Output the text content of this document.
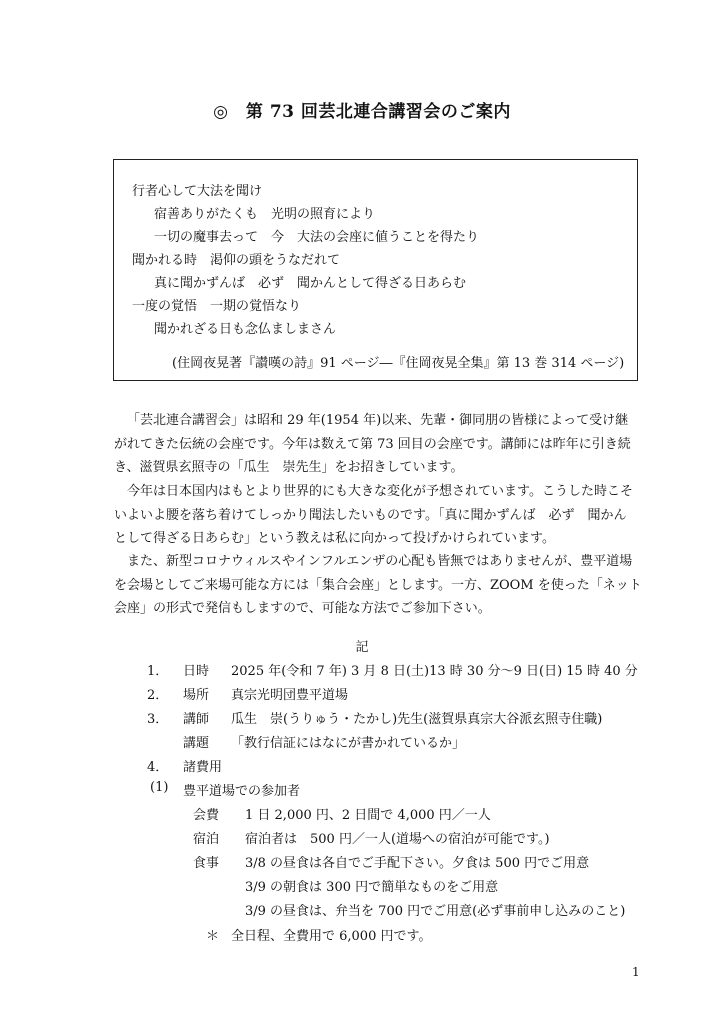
◎　第 73 回芸北連合講習会のご案内
行者心して大法を聞け
宿善ありがたくも　光明の照育により
一切の魔事去って　今　大法の会座に値うことを得たり
聞かれる時　渇仰の頭をうなだれて
真に聞かずんば　必ず　聞かんとして得ざる日あらむ
一度の覚悟　一期の覚悟なり
聞かれざる日も念仏ましまさん
(住岡夜晃著『讃嘆の詩』91 ページ―『住岡夜晃全集』第 13 巻 314 ページ)
「芸北連合講習会」は昭和 29 年(1954 年)以来、先輩・御同朋の皆様によって受け継
がれてきた伝統の会座です。今年は数えて第 73 回目の会座です。講師には昨年に引き続
き、滋賀県玄照寺の「瓜生　崇先生」をお招きしています。
今年は日本国内はもとより世界的にも大きな変化が予想されています。こうした時こそ
いよいよ腰を落ち着けてしっかり聞法したいものです。「真に聞かずんば　必ず　聞かん
として得ざる日あらむ」という教えは私に向かって投げかけられています。
また、新型コロナウィルスやインフルエンザの心配も皆無ではありませんが、豊平道場
を会場としてご来場可能な方には「集合会座」とします。一方、ZOOM を使った「ネット
会座」の形式で発信もしますので、可能な方法でご参加下さい。
記
1． 日時 2025 年(令和 7 年) 3 月 8 日(土)13 時 30 分〜9 日(日) 15 時 40 分
2． 場所 真宗光明団豊平道場
3． 講師 瓜生　崇(うりゅう・たかし)先生(滋賀県真宗大谷派玄照寺住職)
講題 「教行信証にはなにが書かれているか」
4． 諸費用
(1) 豊平道場での参加者
会費 1 日 2,000 円、2 日間で 4,000 円／一人
宿泊 宿泊者は　500 円／一人(道場への宿泊が可能です。)
食事 3/8 の昼食は各自でご手配下さい。夕食は 500 円でご用意
3/9 の朝食は 300 円で簡単なものをご用意
3/9 の昼食は、弁当を 700 円でご用意(必ず事前申し込みのこと)
＊ 全日程、全費用で 6,000 円です。
1
